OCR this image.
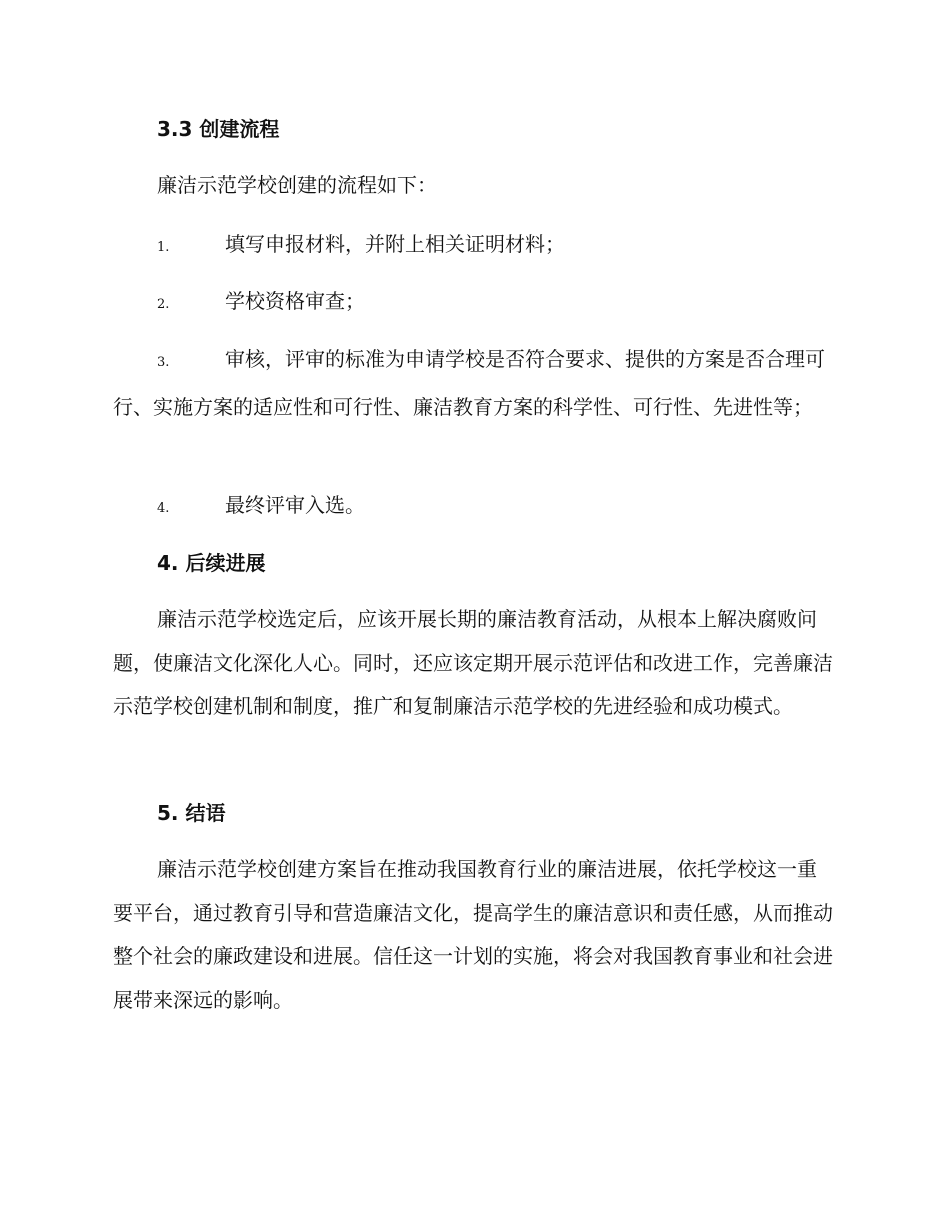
3.3 创建流程

廉洁示范学校创建的流程如下：

1.	填写申报材料，并附上相关证明材料；

2.	学校资格审查；

3.	审核，评审的标准为申请学校是否符合要求、提供的方案是否合理可行、实施方案的适应性和可行性、廉洁教育方案的科学性、可行性、先进性等；

4.	最终评审入选。

4. 后续进展

廉洁示范学校选定后，应该开展长期的廉洁教育活动，从根本上解决腐败问题，使廉洁文化深化人心。同时，还应该定期开展示范评估和改进工作，完善廉洁示范学校创建机制和制度，推广和复制廉洁示范学校的先进经验和成功模式。

5. 结语

廉洁示范学校创建方案旨在推动我国教育行业的廉洁进展，依托学校这一重要平台，通过教育引导和营造廉洁文化，提高学生的廉洁意识和责任感，从而推动整个社会的廉政建设和进展。信任这一计划的实施，将会对我国教育事业和社会进展带来深远的影响。
